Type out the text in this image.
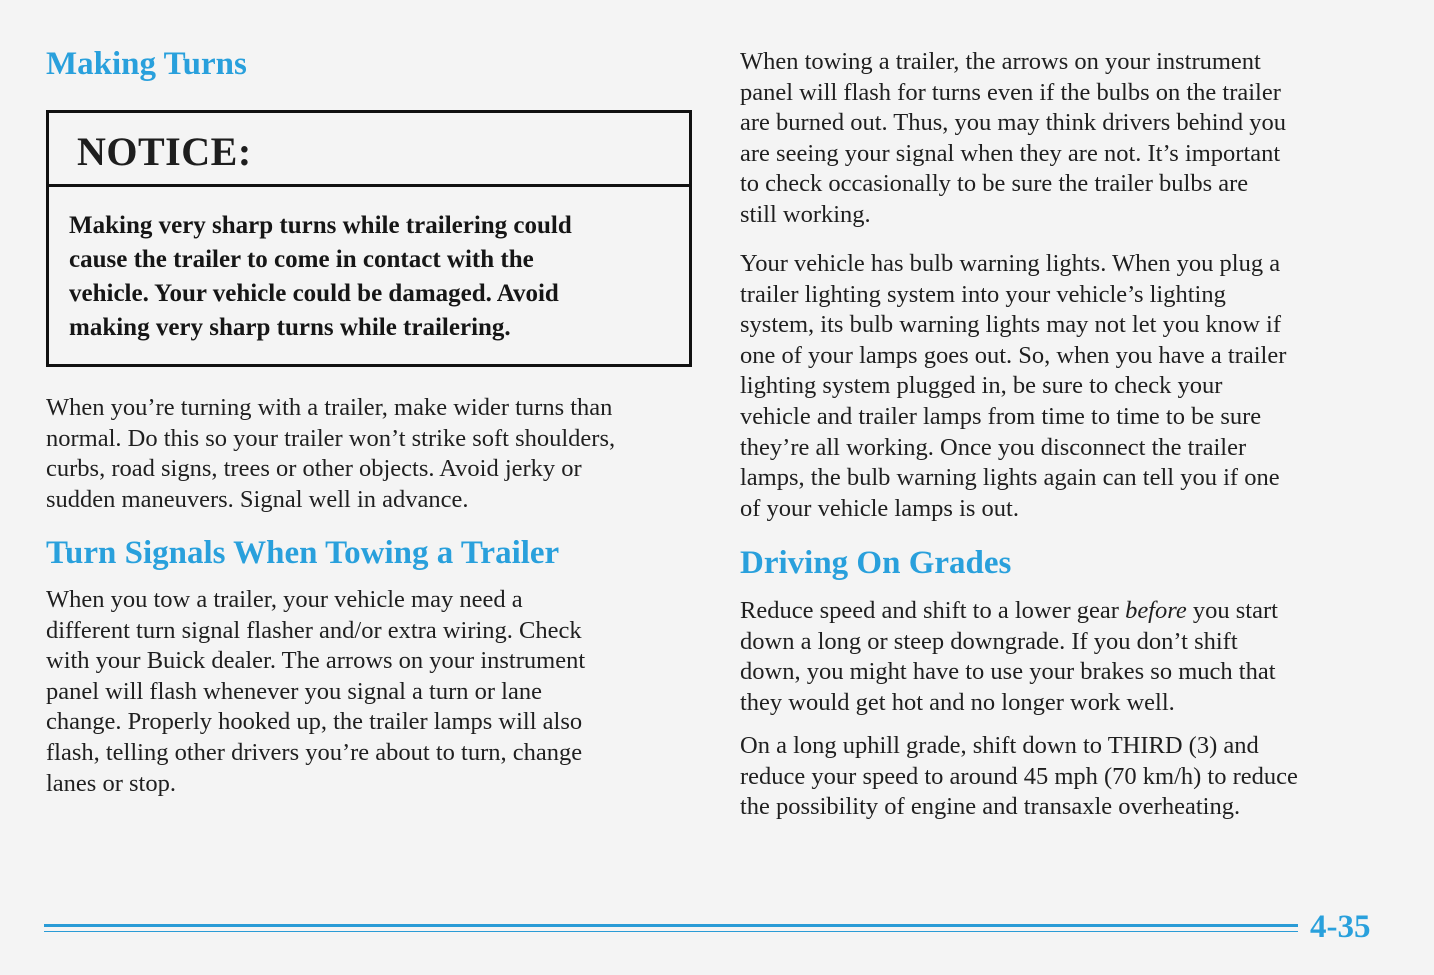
Making Turns
NOTICE:
Making very sharp turns while trailering could
cause the trailer to come in contact with the
vehicle. Your vehicle could be damaged. Avoid
making very sharp turns while trailering.
When you’re turning with a trailer, make wider turns than
normal. Do this so your trailer won’t strike soft shoulders,
curbs, road signs, trees or other objects. Avoid jerky or
sudden maneuvers. Signal well in advance.
Turn Signals When Towing a Trailer
When you tow a trailer, your vehicle may need a
different turn signal flasher and/or extra wiring. Check
with your Buick dealer. The arrows on your instrument
panel will flash whenever you signal a turn or lane
change. Properly hooked up, the trailer lamps will also
flash, telling other drivers you’re about to turn, change
lanes or stop.
When towing a trailer, the arrows on your instrument
panel will flash for turns even if the bulbs on the trailer
are burned out. Thus, you may think drivers behind you
are seeing your signal when they are not. It’s important
to check occasionally to be sure the trailer bulbs are
still working.
Your vehicle has bulb warning lights. When you plug a
trailer lighting system into your vehicle’s lighting
system, its bulb warning lights may not let you know if
one of your lamps goes out. So, when you have a trailer
lighting system plugged in, be sure to check your
vehicle and trailer lamps from time to time to be sure
they’re all working. Once you disconnect the trailer
lamps, the bulb warning lights again can tell you if one
of your vehicle lamps is out.
Driving On Grades
Reduce speed and shift to a lower gear before you start
down a long or steep downgrade. If you don’t shift
down, you might have to use your brakes so much that
they would get hot and no longer work well.
On a long uphill grade, shift down to THIRD (3) and
reduce your speed to around 45 mph (70 km/h) to reduce
the possibility of engine and transaxle overheating.
4-35
